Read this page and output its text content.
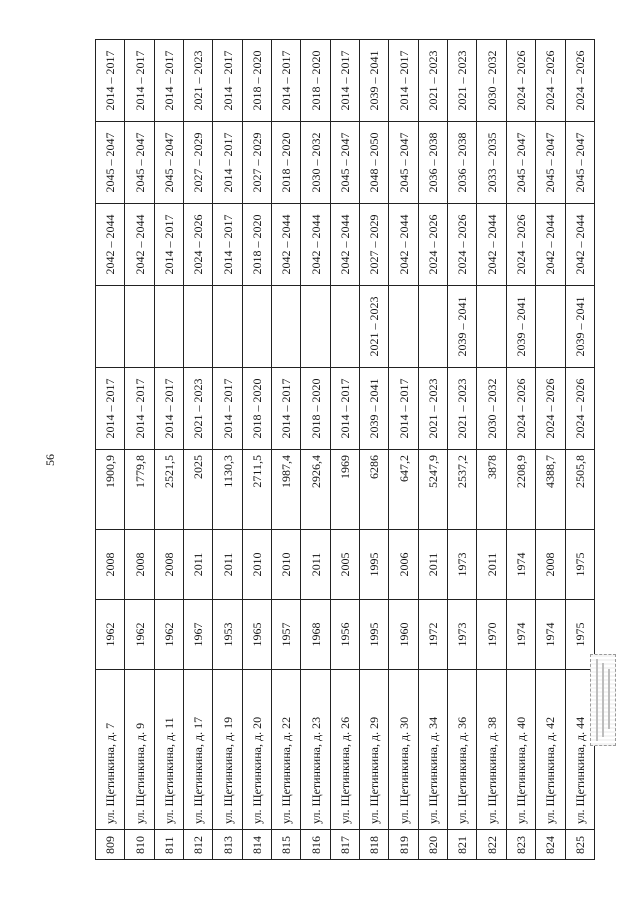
56
809	ул. Щетинкина, д. 7	1962	2008	1900,9	2014 – 2017		2042 – 2044	2045 – 2047	2014 – 2017
810	ул. Щетинкина, д. 9	1962	2008	1779,8	2014 – 2017		2042 – 2044	2045 – 2047	2014 – 2017
811	ул. Щетинкина, д. 11	1962	2008	2521,5	2014 – 2017		2014 – 2017	2045 – 2047	2014 – 2017
812	ул. Щетинкина, д. 17	1967	2011	2025	2021 – 2023		2024 – 2026	2027 – 2029	2021 – 2023
813	ул. Щетинкина, д. 19	1953	2011	1130,3	2014 – 2017		2014 – 2017	2014 – 2017	2014 – 2017
814	ул. Щетинкина, д. 20	1965	2010	2711,5	2018 – 2020		2018 – 2020	2027 – 2029	2018 – 2020
815	ул. Щетинкина, д. 22	1957	2010	1987,4	2014 – 2017		2042 – 2044	2018 – 2020	2014 – 2017
816	ул. Щетинкина, д. 23	1968	2011	2926,4	2018 – 2020		2042 – 2044	2030 – 2032	2018 – 2020
817	ул. Щетинкина, д. 26	1956	2005	1969	2014 – 2017		2042 – 2044	2045 – 2047	2014 – 2017
818	ул. Щетинкина, д. 29	1995	1995	6286	2039 – 2041	2021 – 2023	2027 – 2029	2048 – 2050	2039 – 2041
819	ул. Щетинкина, д. 30	1960	2006	647,2	2014 – 2017		2042 – 2044	2045 – 2047	2014 – 2017
820	ул. Щетинкина, д. 34	1972	2011	5247,9	2021 – 2023		2024 – 2026	2036 – 2038	2021 – 2023
821	ул. Щетинкина, д. 36	1973	1973	2537,2	2021 – 2023	2039 – 2041	2024 – 2026	2036 – 2038	2021 – 2023
822	ул. Щетинкина, д. 38	1970	2011	3878	2030 – 2032		2042 – 2044	2033 – 2035	2030 – 2032
823	ул. Щетинкина, д. 40	1974	1974	2208,9	2024 – 2026	2039 – 2041	2024 – 2026	2045 – 2047	2024 – 2026
824	ул. Щетинкина, д. 42	1974	2008	4388,7	2024 – 2026		2042 – 2044	2045 – 2047	2024 – 2026
825	ул. Щетинкина, д. 44	1975	1975	2505,8	2024 – 2026	2039 – 2041	2042 – 2044	2045 – 2047	2024 – 2026
